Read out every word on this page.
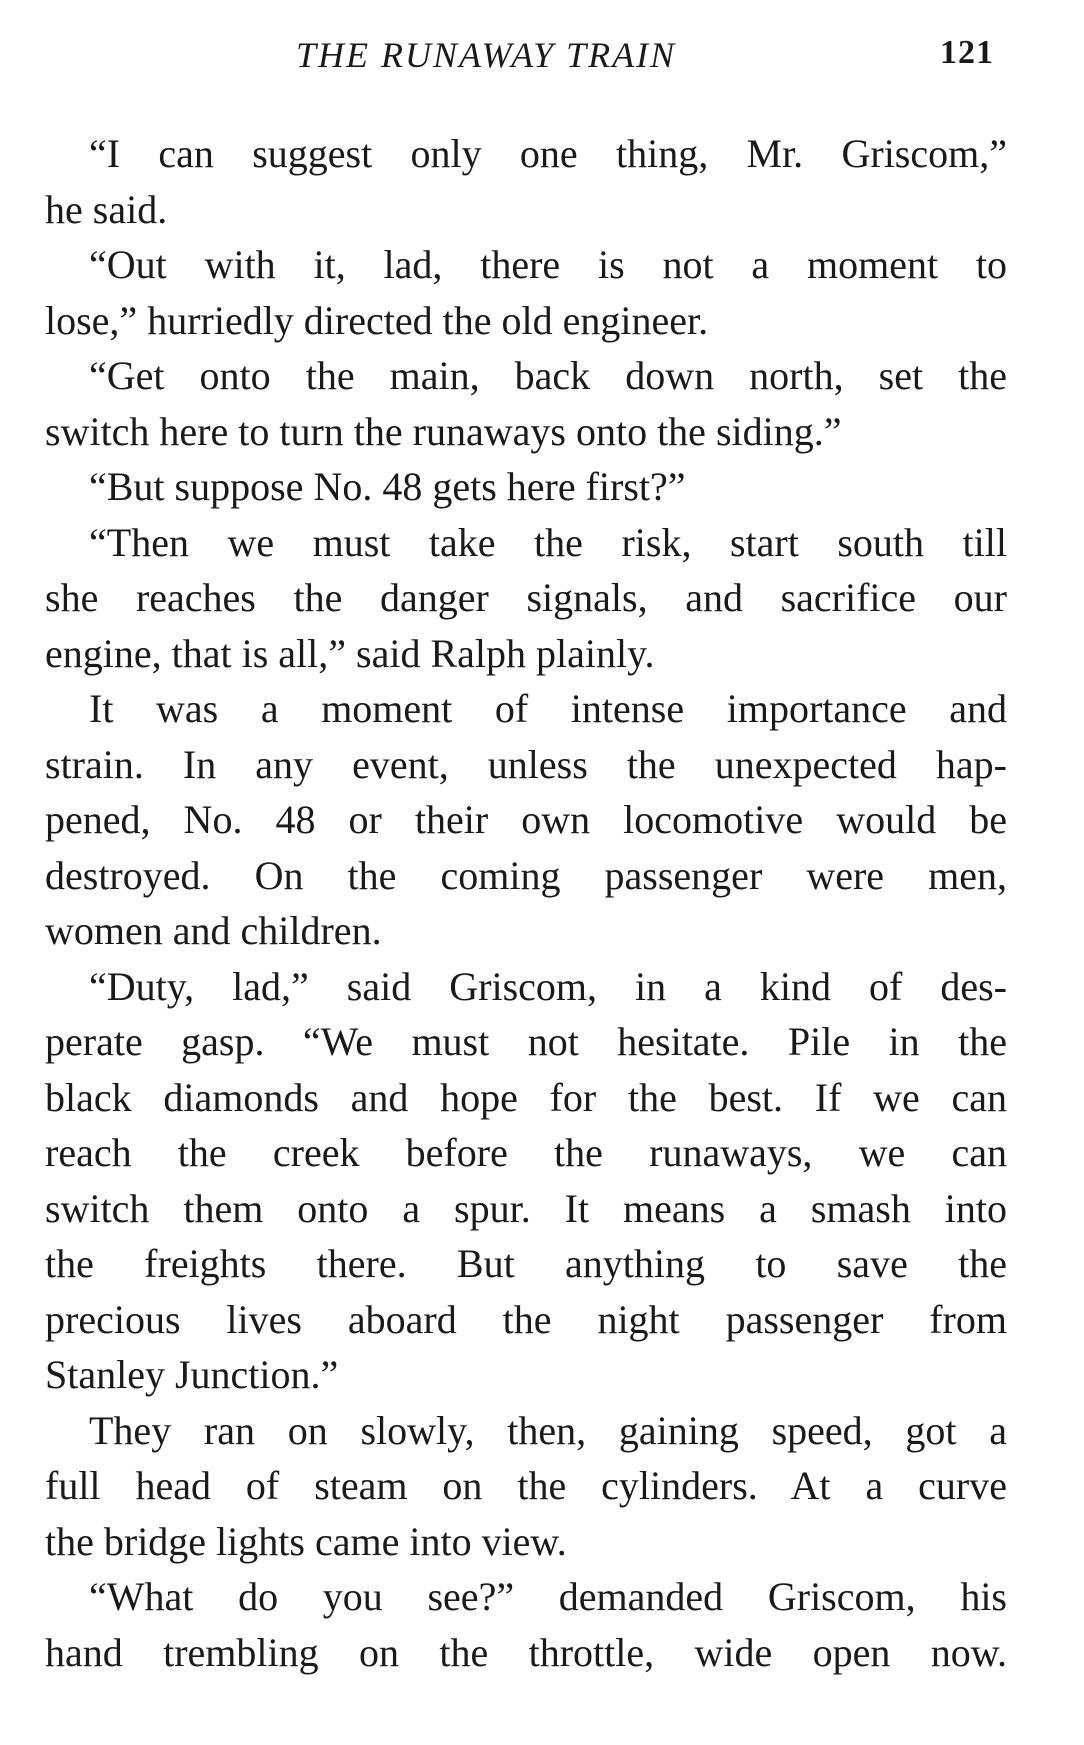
THE RUNAWAY TRAIN	121
“I can suggest only one thing, Mr. Griscom,”
he said.
“Out with it, lad, there is not a moment to
lose,” hurriedly directed the old engineer.
“Get onto the main, back down north, set the
switch here to turn the runaways onto the siding.”
“But suppose No. 48 gets here first?”
“Then we must take the risk, start south till
she reaches the danger signals, and sacrifice our
engine, that is all,” said Ralph plainly.
It was a moment of intense importance and
strain. In any event, unless the unexpected hap-
pened, No. 48 or their own locomotive would be
destroyed. On the coming passenger were men,
women and children.
“Duty, lad,” said Griscom, in a kind of des-
perate gasp. “We must not hesitate. Pile in the
black diamonds and hope for the best. If we can
reach the creek before the runaways, we can
switch them onto a spur. It means a smash into
the freights there. But anything to save the
precious lives aboard the night passenger from
Stanley Junction.”
They ran on slowly, then, gaining speed, got a
full head of steam on the cylinders. At a curve
the bridge lights came into view.
“What do you see?” demanded Griscom, his
hand trembling on the throttle, wide open now.
